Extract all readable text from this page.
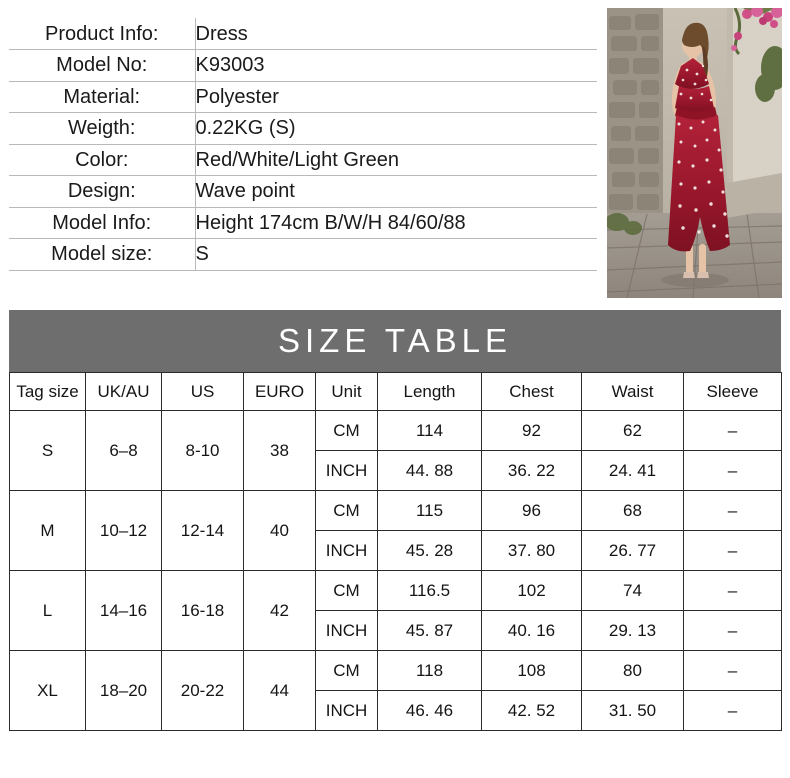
Product Info:	Dress
Model No:	K93003
Material:	Polyester
Weigth:	0.22KG (S)
Color:	Red/White/Light Green
Design:	Wave point
Model Info:	Height 174cm B/W/H 84/60/88
Model size:	S
SIZE TABLE
Tag size	UK/AU	US	EURO	Unit	Length	Chest	Waist	Sleeve
S	6–8	8-10	38	CM	114	92	62	–
				INCH	44. 88	36. 22	24. 41	–
M	10–12	12-14	40	CM	115	96	68	–
				INCH	45. 28	37. 80	26. 77	–
L	14–16	16-18	42	CM	116.5	102	74	–
				INCH	45. 87	40. 16	29. 13	–
XL	18–20	20-22	44	CM	118	108	80	–
				INCH	46. 46	42. 52	31. 50	–
